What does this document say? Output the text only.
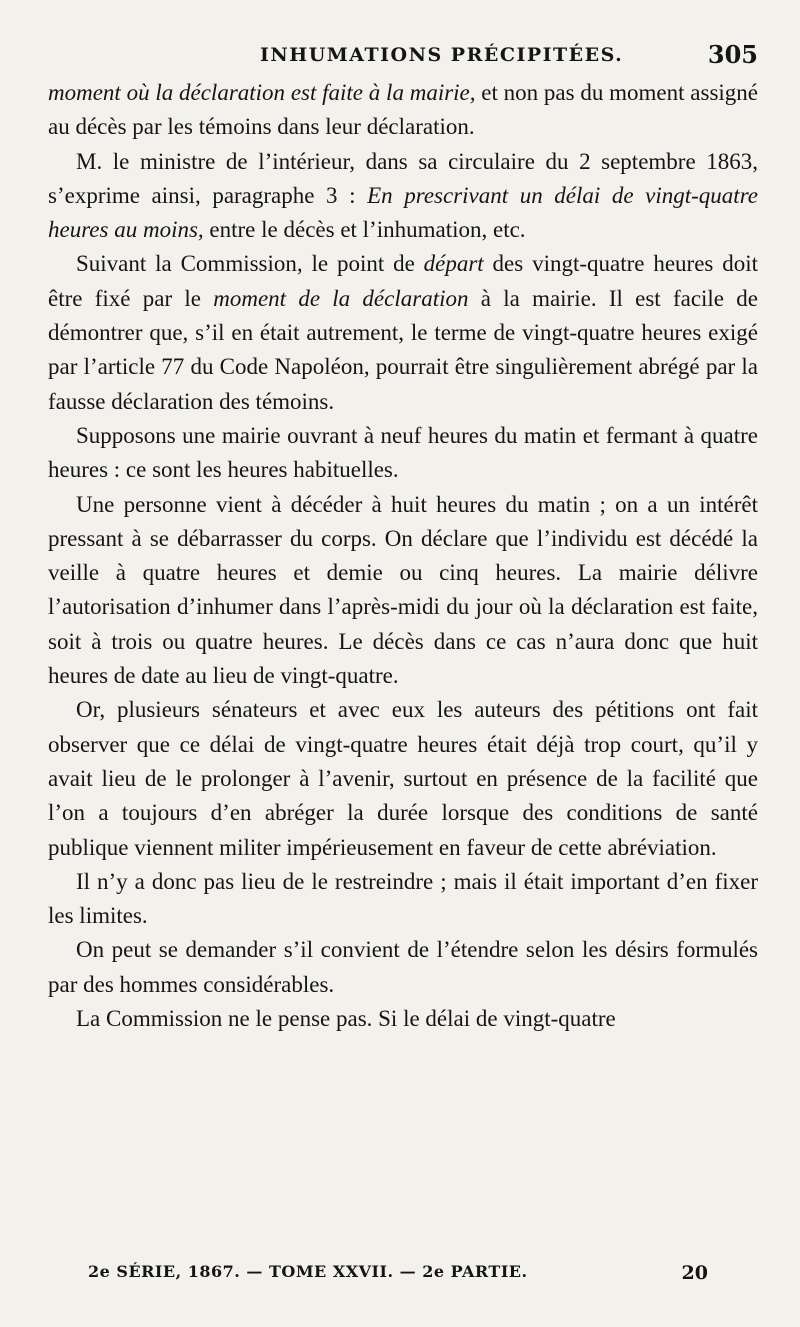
INHUMATIONS PRÉCIPITÉES.	305

moment où la déclaration est faite à la mairie, et non pas du moment assigné au décès par les témoins dans leur déclaration.

M. le ministre de l’intérieur, dans sa circulaire du 2 septembre 1863, s’exprime ainsi, paragraphe 3 : En prescrivant un délai de vingt-quatre heures au moins, entre le décès et l’inhumation, etc.

Suivant la Commission, le point de départ des vingt-quatre heures doit être fixé par le moment de la déclaration à la mairie. Il est facile de démontrer que, s’il en était autrement, le terme de vingt-quatre heures exigé par l’article 77 du Code Napoléon, pourrait être singulièrement abrégé par la fausse déclaration des témoins.

Supposons une mairie ouvrant à neuf heures du matin et fermant à quatre heures : ce sont les heures habituelles.

Une personne vient à décéder à huit heures du matin ; on a un intérêt pressant à se débarrasser du corps. On déclare que l’individu est décédé la veille à quatre heures et demie ou cinq heures. La mairie délivre l’autorisation d’inhumer dans l’après-midi du jour où la déclaration est faite, soit à trois ou quatre heures. Le décès dans ce cas n’aura donc que huit heures de date au lieu de vingt-quatre.

Or, plusieurs sénateurs et avec eux les auteurs des pétitions ont fait observer que ce délai de vingt-quatre heures était déjà trop court, qu’il y avait lieu de le prolonger à l’avenir, surtout en présence de la facilité que l’on a toujours d’en abréger la durée lorsque des conditions de santé publique viennent militer impérieusement en faveur de cette abréviation.

Il n’y a donc pas lieu de le restreindre ; mais il était important d’en fixer les limites.

On peut se demander s’il convient de l’étendre selon les désirs formulés par des hommes considérables.

La Commission ne le pense pas. Si le délai de vingt-quatre

2e SÉRIE, 1867. — TOME XXVII. — 2e PARTIE.	20
